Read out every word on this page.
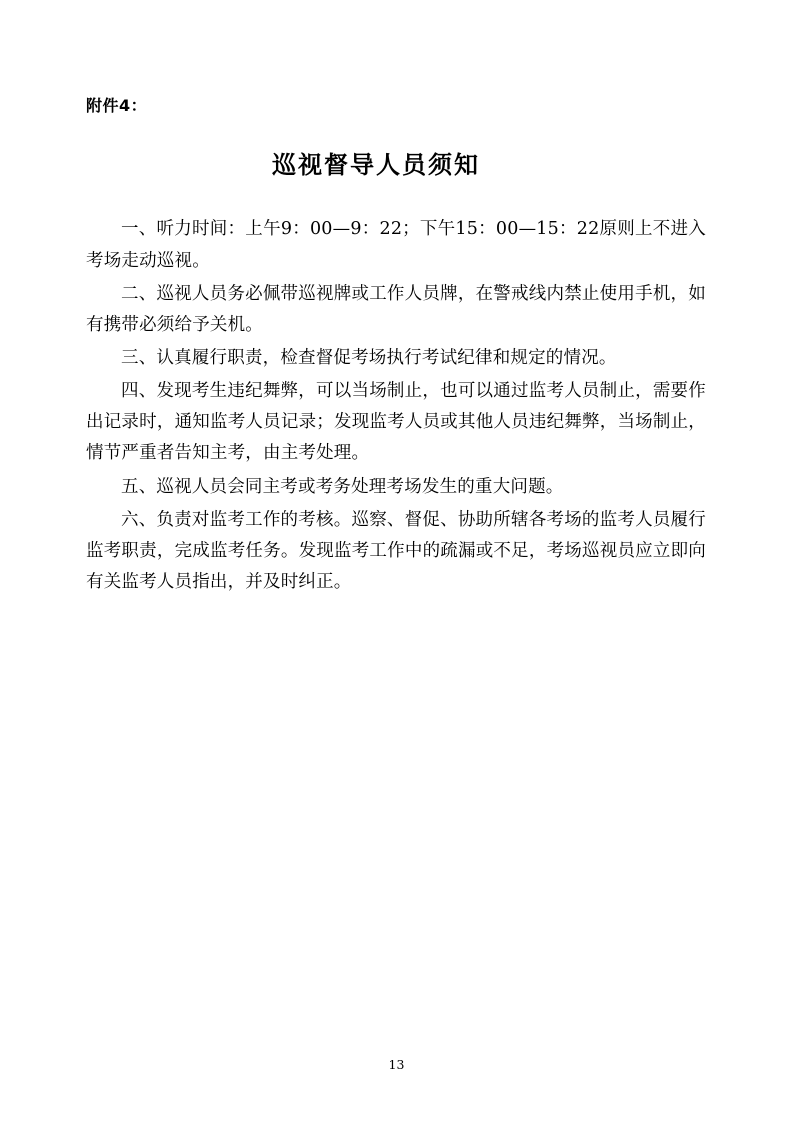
附件4：
巡视督导人员须知

一、听力时间：上午9：00—9：22；下午15：00—15：22原则上不进入考场走动巡视。

二、巡视人员务必佩带巡视牌或工作人员牌，在警戒线内禁止使用手机，如有携带必须给予关机。

三、认真履行职责，检查督促考场执行考试纪律和规定的情况。

四、发现考生违纪舞弊，可以当场制止，也可以通过监考人员制止，需要作出记录时，通知监考人员记录；发现监考人员或其他人员违纪舞弊，当场制止，情节严重者告知主考，由主考处理。

五、巡视人员会同主考或考务处理考场发生的重大问题。

六、负责对监考工作的考核。巡察、督促、协助所辖各考场的监考人员履行监考职责，完成监考任务。发现监考工作中的疏漏或不足，考场巡视员应立即向有关监考人员指出，并及时纠正。

13
